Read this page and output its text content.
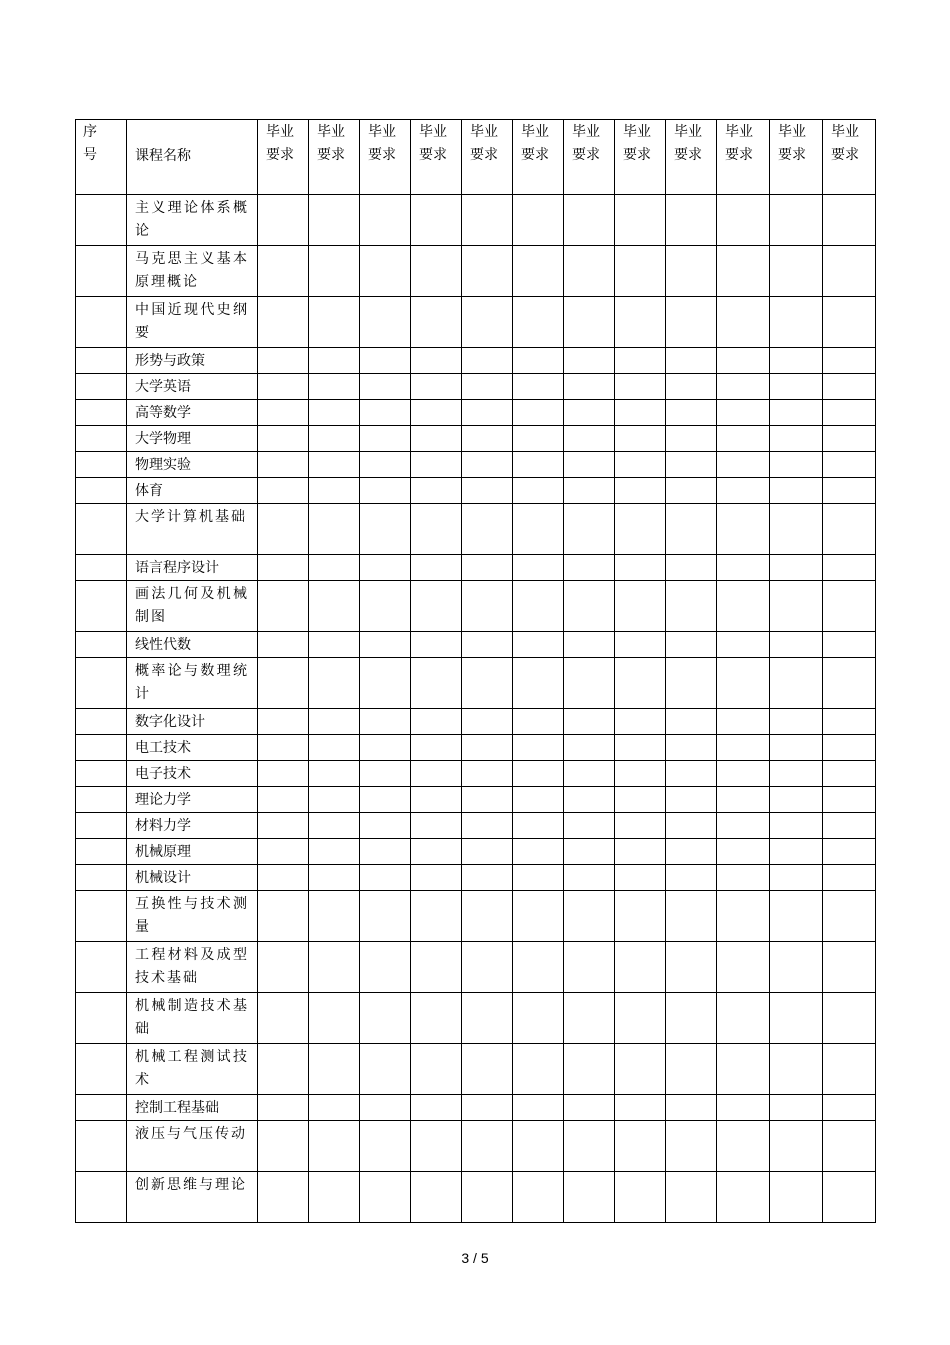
序号	课程名称	毕业要求	毕业要求	毕业要求	毕业要求	毕业要求	毕业要求	毕业要求	毕业要求	毕业要求	毕业要求	毕业要求	毕业要求

	主义理论体系概论												

	马克思主义基本原理概论												

	中国近现代史纲要												

	形势与政策												

	大学英语												

	高等数学												

	大学物理												

	物理实验												

	体育												

	大学计算机基础												

	语言程序设计												

	画法几何及机械制图												

	线性代数												

	概率论与数理统计												

	数字化设计												

	电工技术												

	电子技术												

	理论力学												

	材料力学												

	机械原理												

	机械设计												

	互换性与技术测量												

	工程材料及成型技术基础												

	机械制造技术基础												

	机械工程测试技术												

	控制工程基础												

	液压与气压传动												

	创新思维与理论												

3 / 5
